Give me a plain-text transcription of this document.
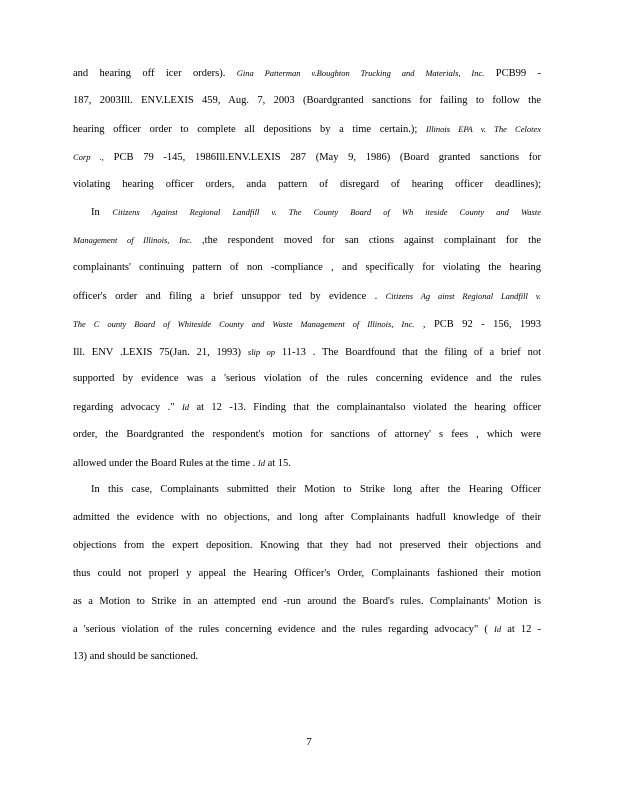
and hearing off icer orders). Gina Patterman v.Boughton Trucking and Materials, Inc. PCB99 -
187, 2003Ill. ENV.LEXIS 459, Aug. 7, 2003 (Boardgranted sanctions for failing to follow the
hearing officer order to complete all depositions by a time certain.); Illinois EPA v. The Celotex
Corp ., PCB 79 -145, 1986Ill.ENV.LEXIS 287 (May 9, 1986) (Board granted sanctions for
violating hearing officer orders, anda pattern of disregard of hearing officer deadlines);
In Citizens Against Regional Landfill v. The County Board of Wh iteside County and Waste
Management of Illinois, Inc. ,the respondent moved for san ctions against complainant for the
complainants' continuing pattern of non -compliance , and specifically for violating the hearing
officer's order and filing a brief unsuppor ted by evidence . Citizens Ag ainst Regional Landfill v.
The C ounty Board of Whiteside County and Waste Management of Illinois, Inc. , PCB 92 - 156, 1993
Ill. ENV .LEXIS 75(Jan. 21, 1993) slip op 11-13 . The Boardfound that the filing of a brief not
supported by evidence was a 'serious violation of the rules concerning evidence and the rules
regarding advocacy ." Id at 12 -13. Finding that the complainantalso violated the hearing officer
order, the Boardgranted the respondent's motion for sanctions of attorney' s fees , which were
allowed under the Board Rules at the time . Id at 15.
In this case, Complainants submitted their Motion to Strike long after the Hearing Officer
admitted the evidence with no objections, and long after Complainants hadfull knowledge of their
objections from the expert deposition. Knowing that they had not preserved their objections and
thus could not properl y appeal the Hearing Officer's Order, Complainants fashioned their motion
as a Motion to Strike in an attempted end -run around the Board's rules. Complainants' Motion is
a 'serious violation of the rules concerning evidence and the rules regarding advocacy" ( Id at 12 -
13) and should be sanctioned.
7
